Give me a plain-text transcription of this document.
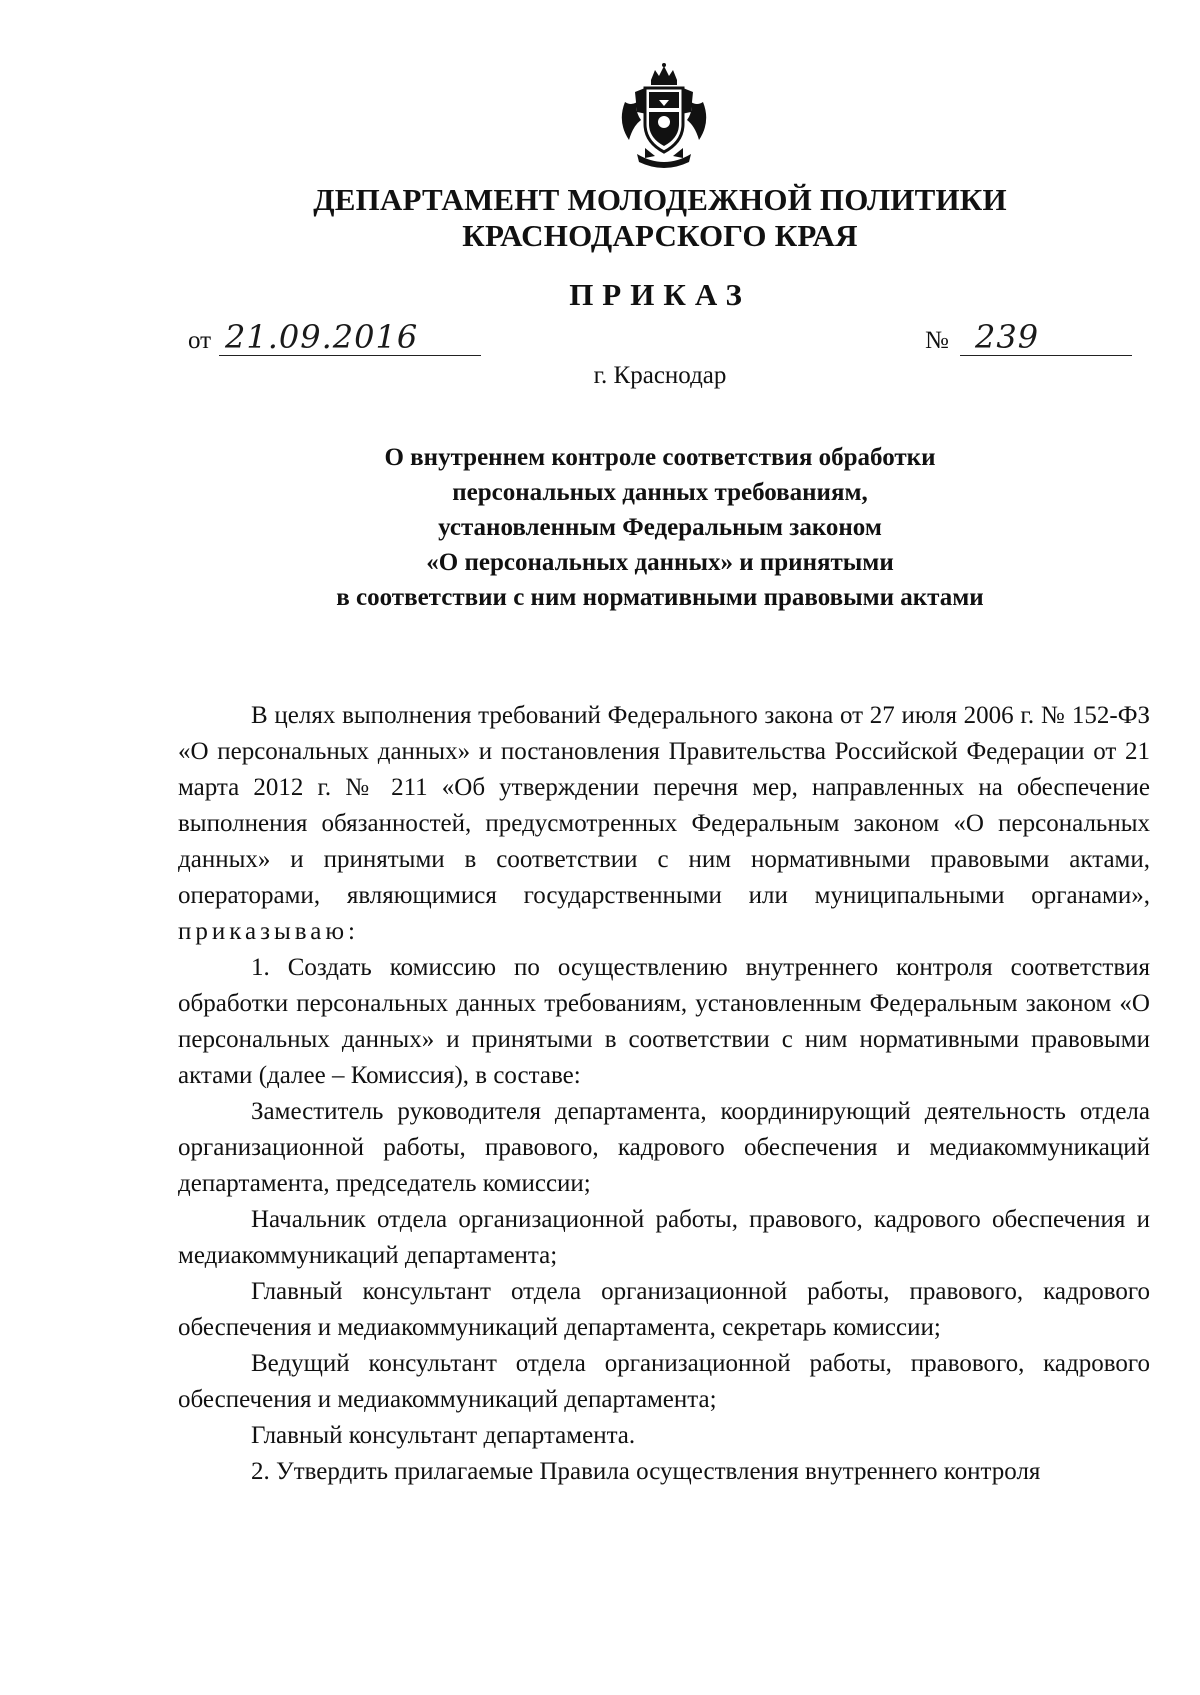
ДЕПАРТАМЕНТ МОЛОДЕЖНОЙ ПОЛИТИКИ
КРАСНОДАРСКОГО КРАЯ
ПРИКАЗ
от 21.09.2016	№ 239
г. Краснодар
О внутреннем контроле соответствия обработки
персональных данных требованиям,
установленным Федеральным законом
«О персональных данных» и принятыми
в соответствии с ним нормативными правовыми актами

В целях выполнения требований Федерального закона от 27 июля 2006 г. № 152-ФЗ «О персональных данных» и постановления Правительства Российской Федерации от 21 марта 2012 г. № 211 «Об утверждении перечня мер, направленных на обеспечение выполнения обязанностей, предусмотренных Федеральным законом «О персональных данных» и принятыми в соответствии с ним нормативными правовыми актами, операторами, являющимися государственными или муниципальными органами», приказываю:

1. Создать комиссию по осуществлению внутреннего контроля соответствия обработки персональных данных требованиям, установленным Федеральным законом «О персональных данных» и принятыми в соответствии с ним нормативными правовыми актами (далее – Комиссия), в составе:

Заместитель руководителя департамента, координирующий деятельность отдела организационной работы, правового, кадрового обеспечения и медиакоммуникаций департамента, председатель комиссии;

Начальник отдела организационной работы, правового, кадрового обеспечения и медиакоммуникаций департамента;

Главный консультант отдела организационной работы, правового, кадрового обеспечения и медиакоммуникаций департамента, секретарь комиссии;

Ведущий консультант отдела организационной работы, правового, кадрового обеспечения и медиакоммуникаций департамента;

Главный консультант департамента.

2. Утвердить прилагаемые Правила осуществления внутреннего контроля
